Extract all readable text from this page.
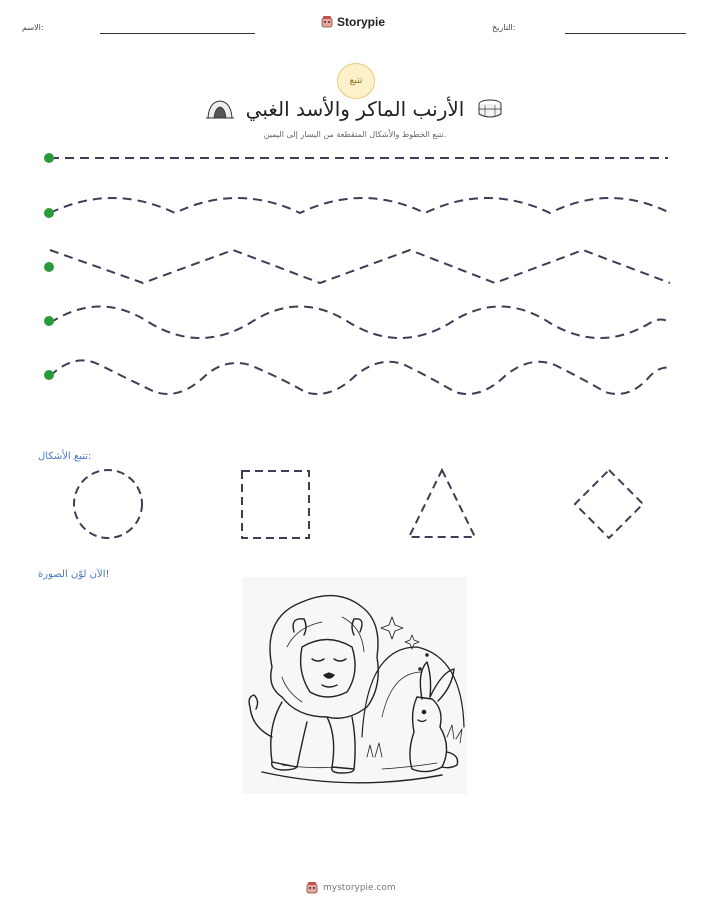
الاسم:	Storypie	التاريخ:
تتبع
الأرنب الماكر والأسد الغبي
تتبع الخطوط والأشكال المتقطعة من اليسار إلى اليمين.
تتبع الأشكال:
الآن لوّن الصورة!
mystorypie.com
